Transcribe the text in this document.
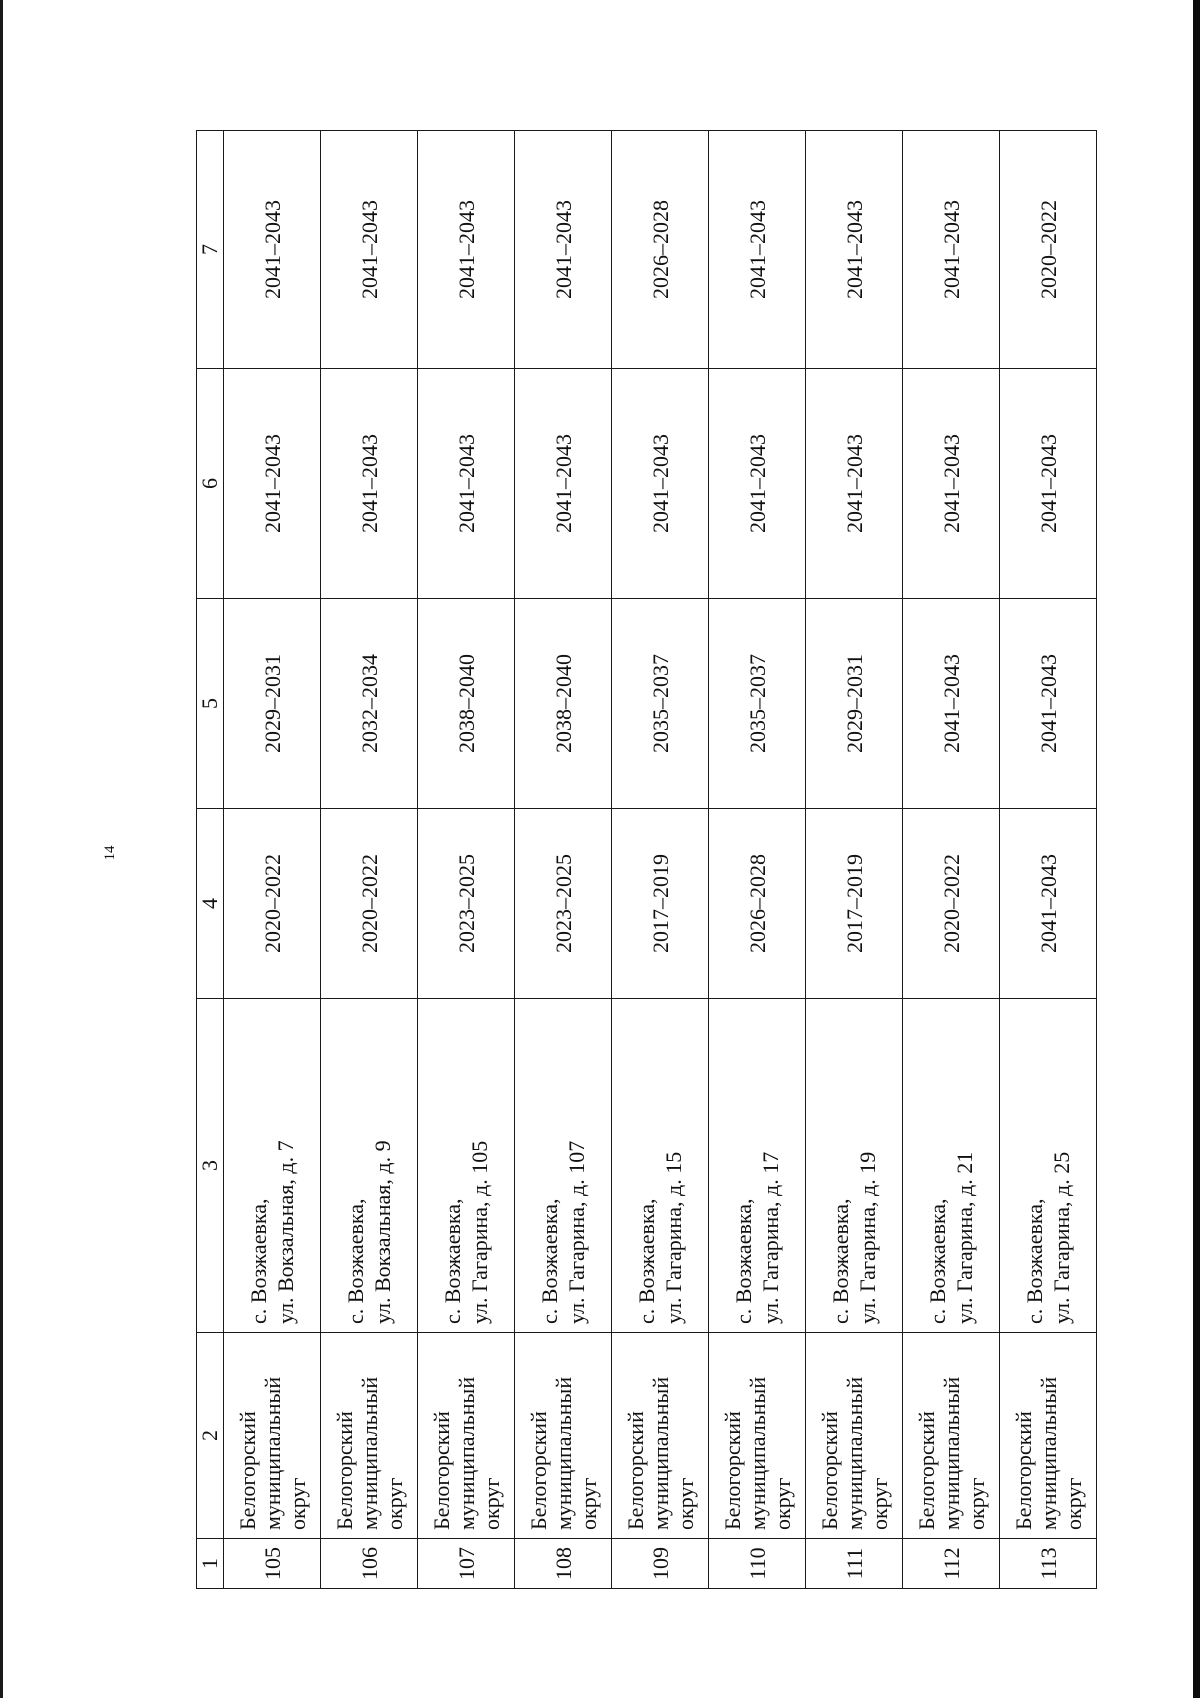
14
1	2	3	4	5	6	7
105	Белогорский муниципальный округ	с. Возжаевка, ул. Вокзальная, д. 7	2020–2022	2029–2031	2041–2043	2041–2043
106	Белогорский муниципальный округ	с. Возжаевка, ул. Вокзальная, д. 9	2020–2022	2032–2034	2041–2043	2041–2043
107	Белогорский муниципальный округ	с. Возжаевка, ул. Гагарина, д. 105	2023–2025	2038–2040	2041–2043	2041–2043
108	Белогорский муниципальный округ	с. Возжаевка, ул. Гагарина, д. 107	2023–2025	2038–2040	2041–2043	2041–2043
109	Белогорский муниципальный округ	с. Возжаевка, ул. Гагарина, д. 15	2017–2019	2035–2037	2041–2043	2026–2028
110	Белогорский муниципальный округ	с. Возжаевка, ул. Гагарина, д. 17	2026–2028	2035–2037	2041–2043	2041–2043
111	Белогорский муниципальный округ	с. Возжаевка, ул. Гагарина, д. 19	2017–2019	2029–2031	2041–2043	2041–2043
112	Белогорский муниципальный округ	с. Возжаевка, ул. Гагарина, д. 21	2020–2022	2041–2043	2041–2043	2041–2043
113	Белогорский муниципальный округ	с. Возжаевка, ул. Гагарина, д. 25	2041–2043	2041–2043	2041–2043	2020–2022
